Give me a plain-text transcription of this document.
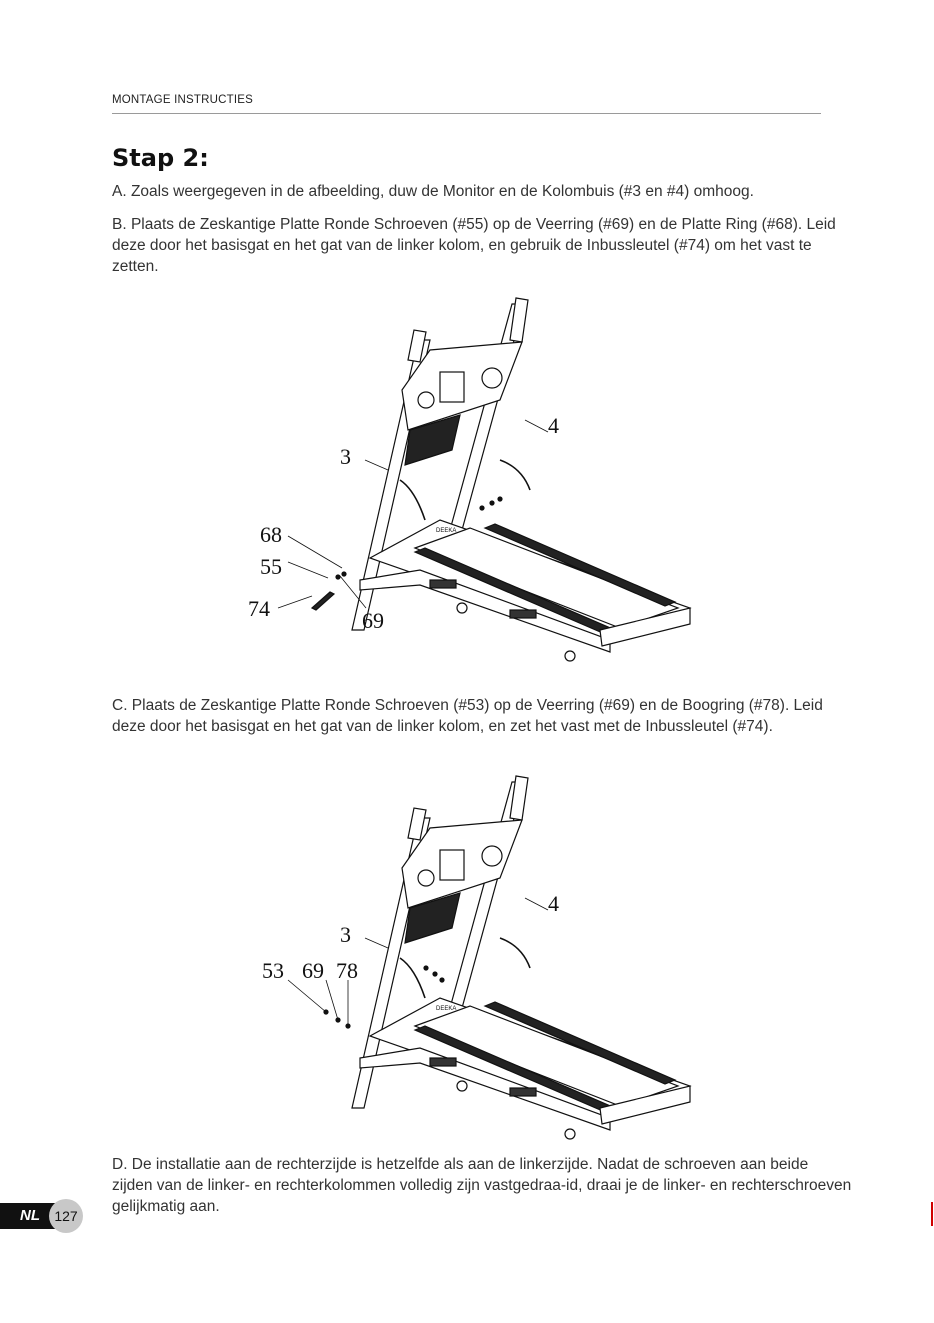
MONTAGE INSTRUCTIES
Stap 2:
A. Zoals weergegeven in de afbeelding, duw de Monitor en de Kolombuis (#3 en #4) omhoog.
B. Plaats de Zeskantige Platte Ronde Schroeven (#55) op de Veerring (#69) en de Platte Ring (#68). Leid deze door het basisgat en het gat van de linker kolom, en gebruik de Inbussleutel (#74) om het vast te zetten.
3
4
68
55
74	69
DEEKA
C. Plaats de Zeskantige Platte Ronde Schroeven (#53) op de Veerring (#69) en de Boogring (#78). Leid deze door het basisgat en het gat van de linker kolom, en zet het vast met de Inbussleutel (#74).
3
4
53 69 78
DEEKA
D. De installatie aan de rechterzijde is hetzelfde als aan de linkerzijde. Nadat de schroeven aan beide zijden van de linker- en rechterkolommen volledig zijn vastgedraa-id, draai je de linker- en rechterschroeven gelijkmatig aan.
NL	127
